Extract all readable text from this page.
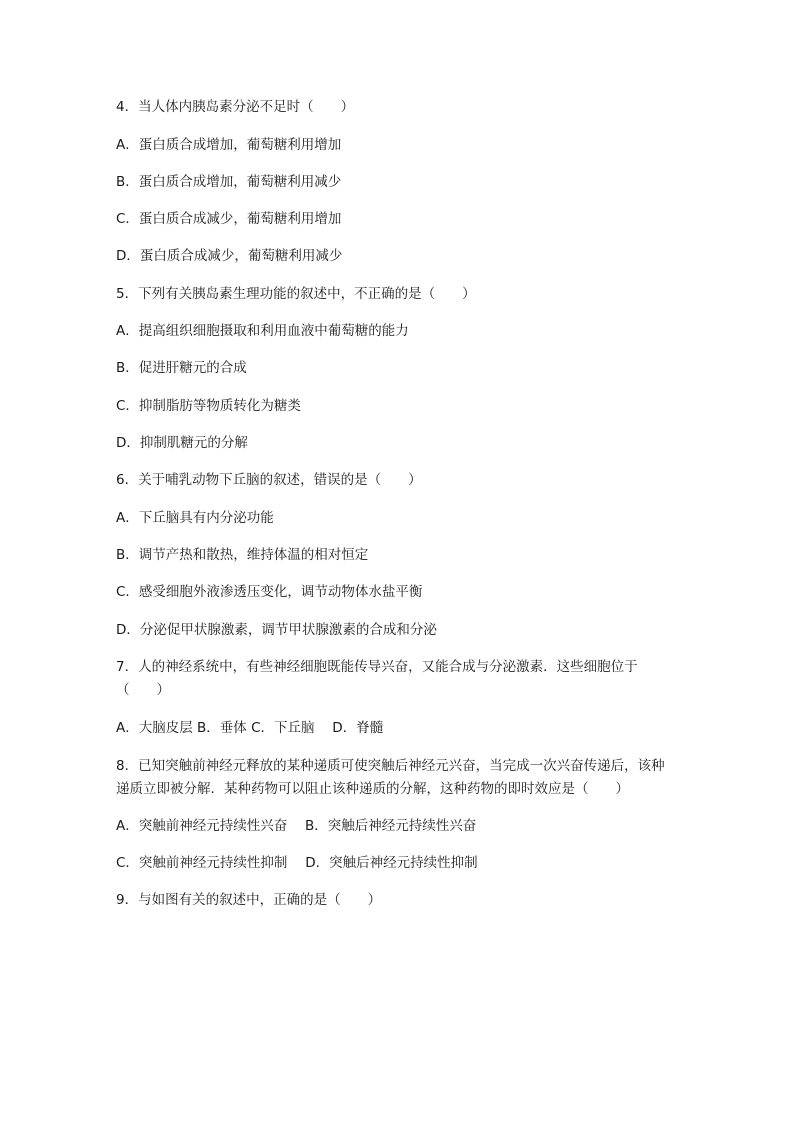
4．当人体内胰岛素分泌不足时（　　）
A．蛋白质合成增加，葡萄糖利用增加
B．蛋白质合成增加，葡萄糖利用减少
C．蛋白质合成减少，葡萄糖利用增加
D．蛋白质合成减少，葡萄糖利用减少
5．下列有关胰岛素生理功能的叙述中，不正确的是（　　）
A．提高组织细胞摄取和利用血液中葡萄糖的能力
B．促进肝糖元的合成
C．抑制脂肪等物质转化为糖类
D．抑制肌糖元的分解
6．关于哺乳动物下丘脑的叙述，错误的是（　　）
A．下丘脑具有内分泌功能
B．调节产热和散热，维持体温的相对恒定
C．感受细胞外液渗透压变化，调节动物体水盐平衡
D．分泌促甲状腺激素，调节甲状腺激素的合成和分泌
7．人的神经系统中，有些神经细胞既能传导兴奋，又能合成与分泌激素．这些细胞位于（　　）
A．大脑皮层 B．垂体 C．下丘脑　 D．脊髓
8．已知突触前神经元释放的某种递质可使突触后神经元兴奋，当完成一次兴奋传递后，该种递质立即被分解．某种药物可以阻止该种递质的分解，这种药物的即时效应是（　　）
A．突触前神经元持续性兴奋　 B．突触后神经元持续性兴奋
C．突触前神经元持续性抑制　 D．突触后神经元持续性抑制
9．与如图有关的叙述中，正确的是（　　）
